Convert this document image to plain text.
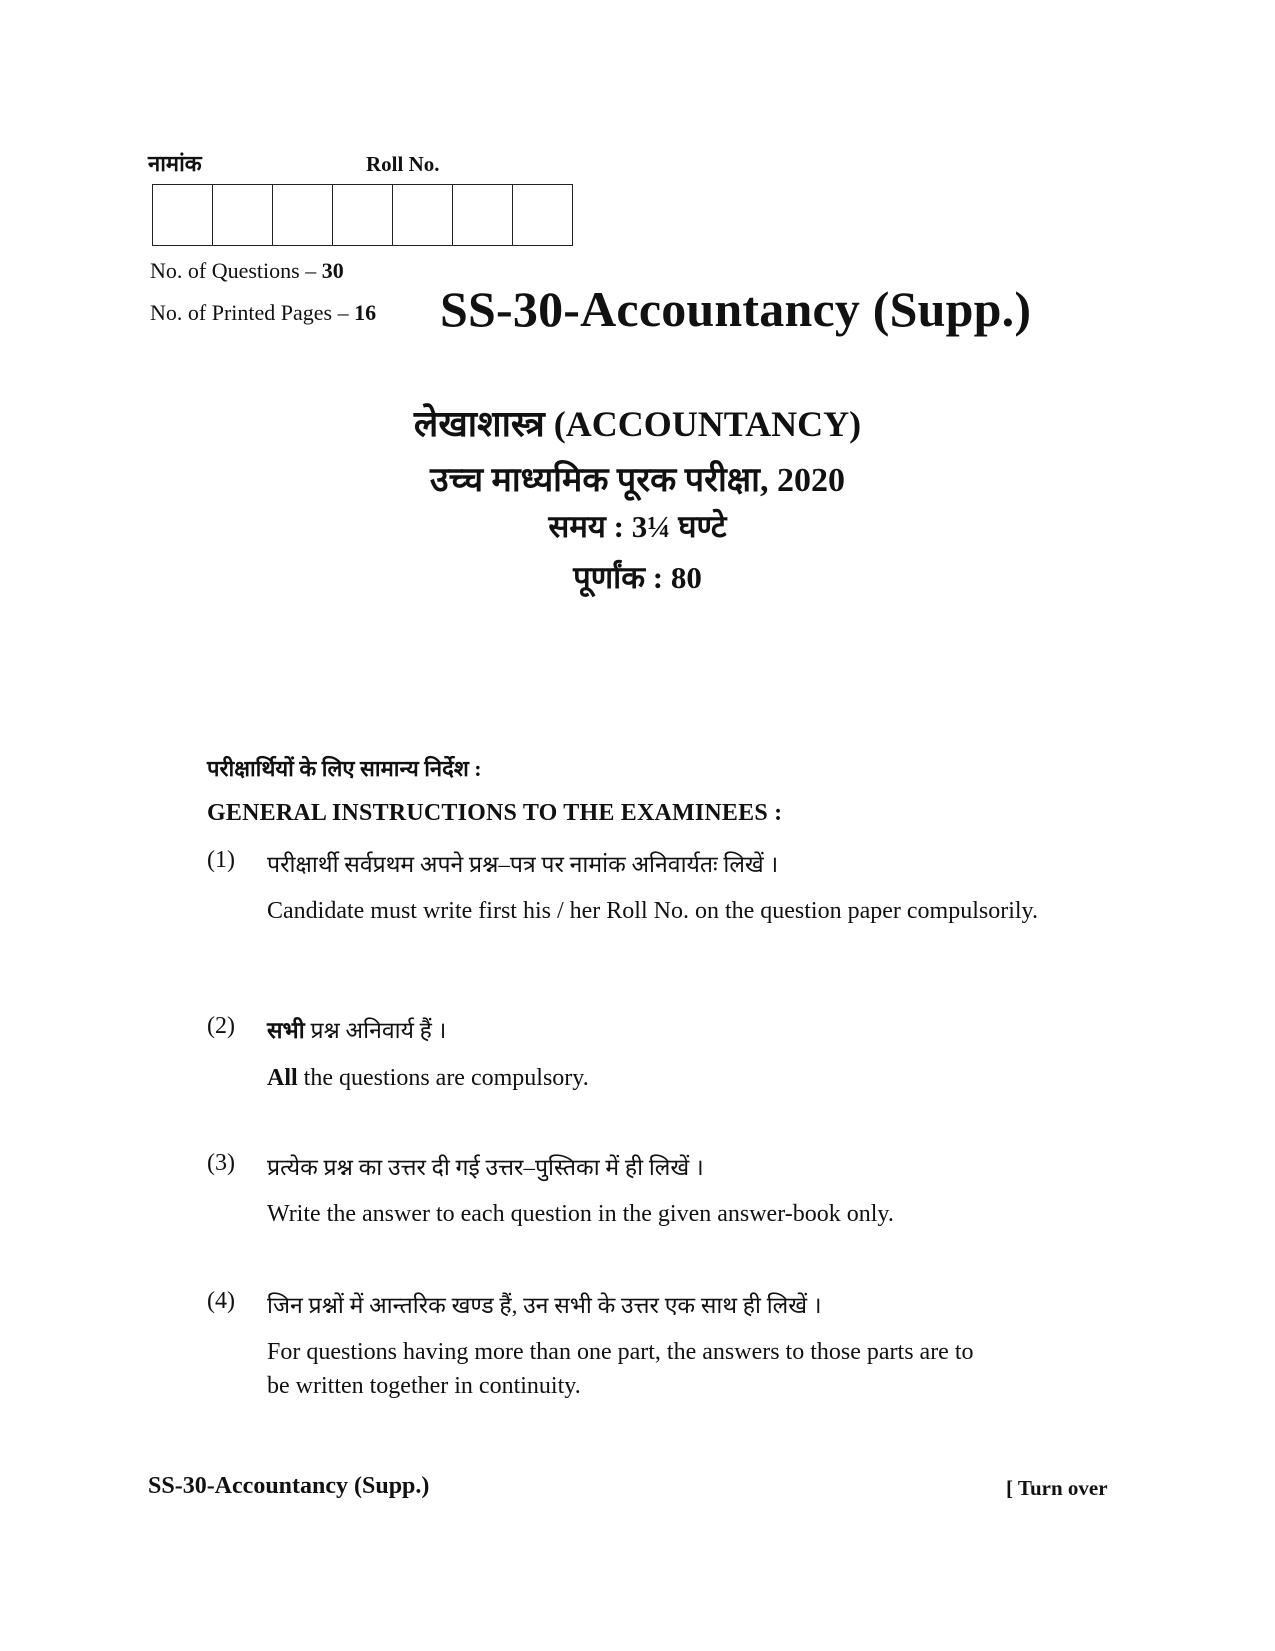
नामांक	Roll No.
No. of Questions – 30
No. of Printed Pages – 16 SS-30-Accountancy (Supp.)
लेखाशास्त्र (ACCOUNTANCY)
उच्च माध्यमिक पूरक परीक्षा, 2020
समय : 3¼ घण्टे
पूर्णांक : 80
परीक्षार्थियों के लिए सामान्य निर्देश :
GENERAL INSTRUCTIONS TO THE EXAMINEES :
(1) परीक्षार्थी सर्वप्रथम अपने प्रश्न–पत्र पर नामांक अनिवार्यतः लिखें ।
Candidate must write first his / her Roll No. on the question paper compulsorily.
(2) सभी प्रश्न अनिवार्य हैं ।
All the questions are compulsory.
(3) प्रत्येक प्रश्न का उत्तर दी गई उत्तर–पुस्तिका में ही लिखें ।
Write the answer to each question in the given answer-book only.
(4) जिन प्रश्नों में आन्तरिक खण्ड हैं, उन सभी के उत्तर एक साथ ही लिखें ।
For questions having more than one part, the answers to those parts are to
be written together in continuity.
SS-30-Accountancy (Supp.)	[ Turn over
